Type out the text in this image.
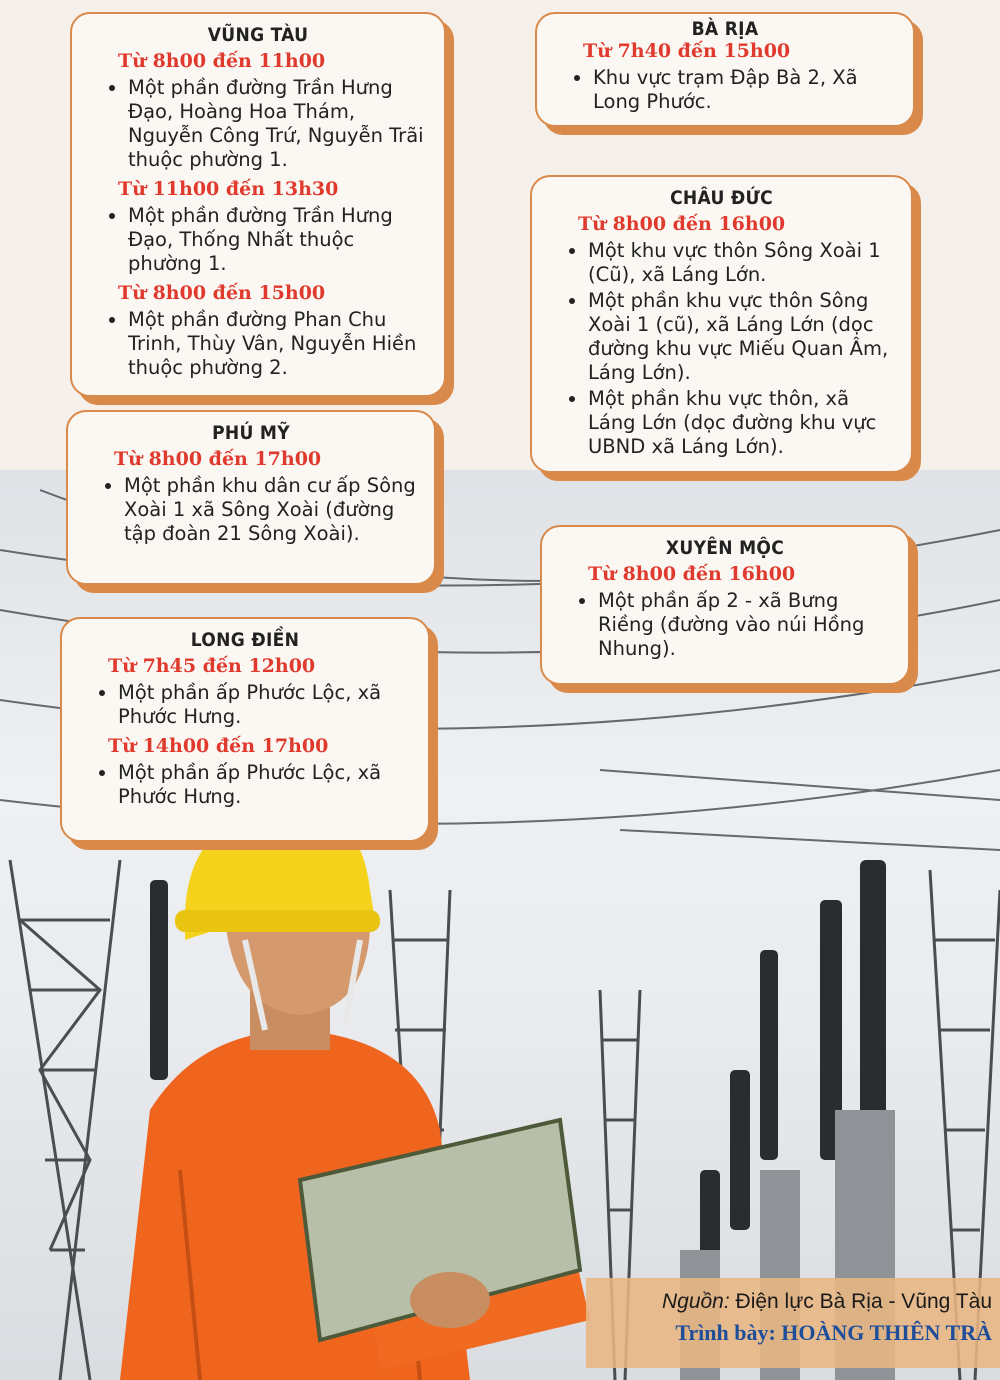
VŨNG TÀU
Từ 8h00 đến 11h00
• Một phần đường Trần Hưng Đạo, Hoàng Hoa Thám, Nguyễn Công Trứ, Nguyễn Trãi thuộc phường 1.
Từ 11h00 đến 13h30
• Một phần đường Trần Hưng Đạo, Thống Nhất thuộc phường 1.
Từ 8h00 đến 15h00
• Một phần đường Phan Chu Trinh, Thùy Vân, Nguyễn Hiền thuộc phường 2.
BÀ RỊA
Từ 7h40 đến 15h00
• Khu vực trạm Đập Bà 2, Xã Long Phước.
CHÂU ĐỨC
Từ 8h00 đến 16h00
• Một khu vực thôn Sông Xoài 1 (Cũ), xã Láng Lớn.
• Một phần khu vực thôn Sông Xoài 1 (cũ), xã Láng Lớn (dọc đường khu vực Miếu Quan Âm, Láng Lớn).
• Một phần khu vực thôn, xã Láng Lớn (dọc đường khu vực UBND xã Láng Lớn).
PHÚ MỸ
Từ 8h00 đến 17h00
• Một phần khu dân cư ấp Sông Xoài 1 xã Sông Xoài (đường tập đoàn 21 Sông Xoài).
XUYÊN MỘC
Từ 8h00 đến 16h00
• Một phần ấp 2 - xã Bưng Riềng (đường vào núi Hồng Nhung).
LONG ĐIỀN
Từ 7h45 đến 12h00
• Một phần ấp Phước Lộc, xã Phước Hưng.
Từ 14h00 đến 17h00
• Một phần ấp Phước Lộc, xã Phước Hưng.
Nguồn: Điện lực Bà Rịa - Vũng Tàu
Trình bày: HOÀNG THIÊN TRÀ
